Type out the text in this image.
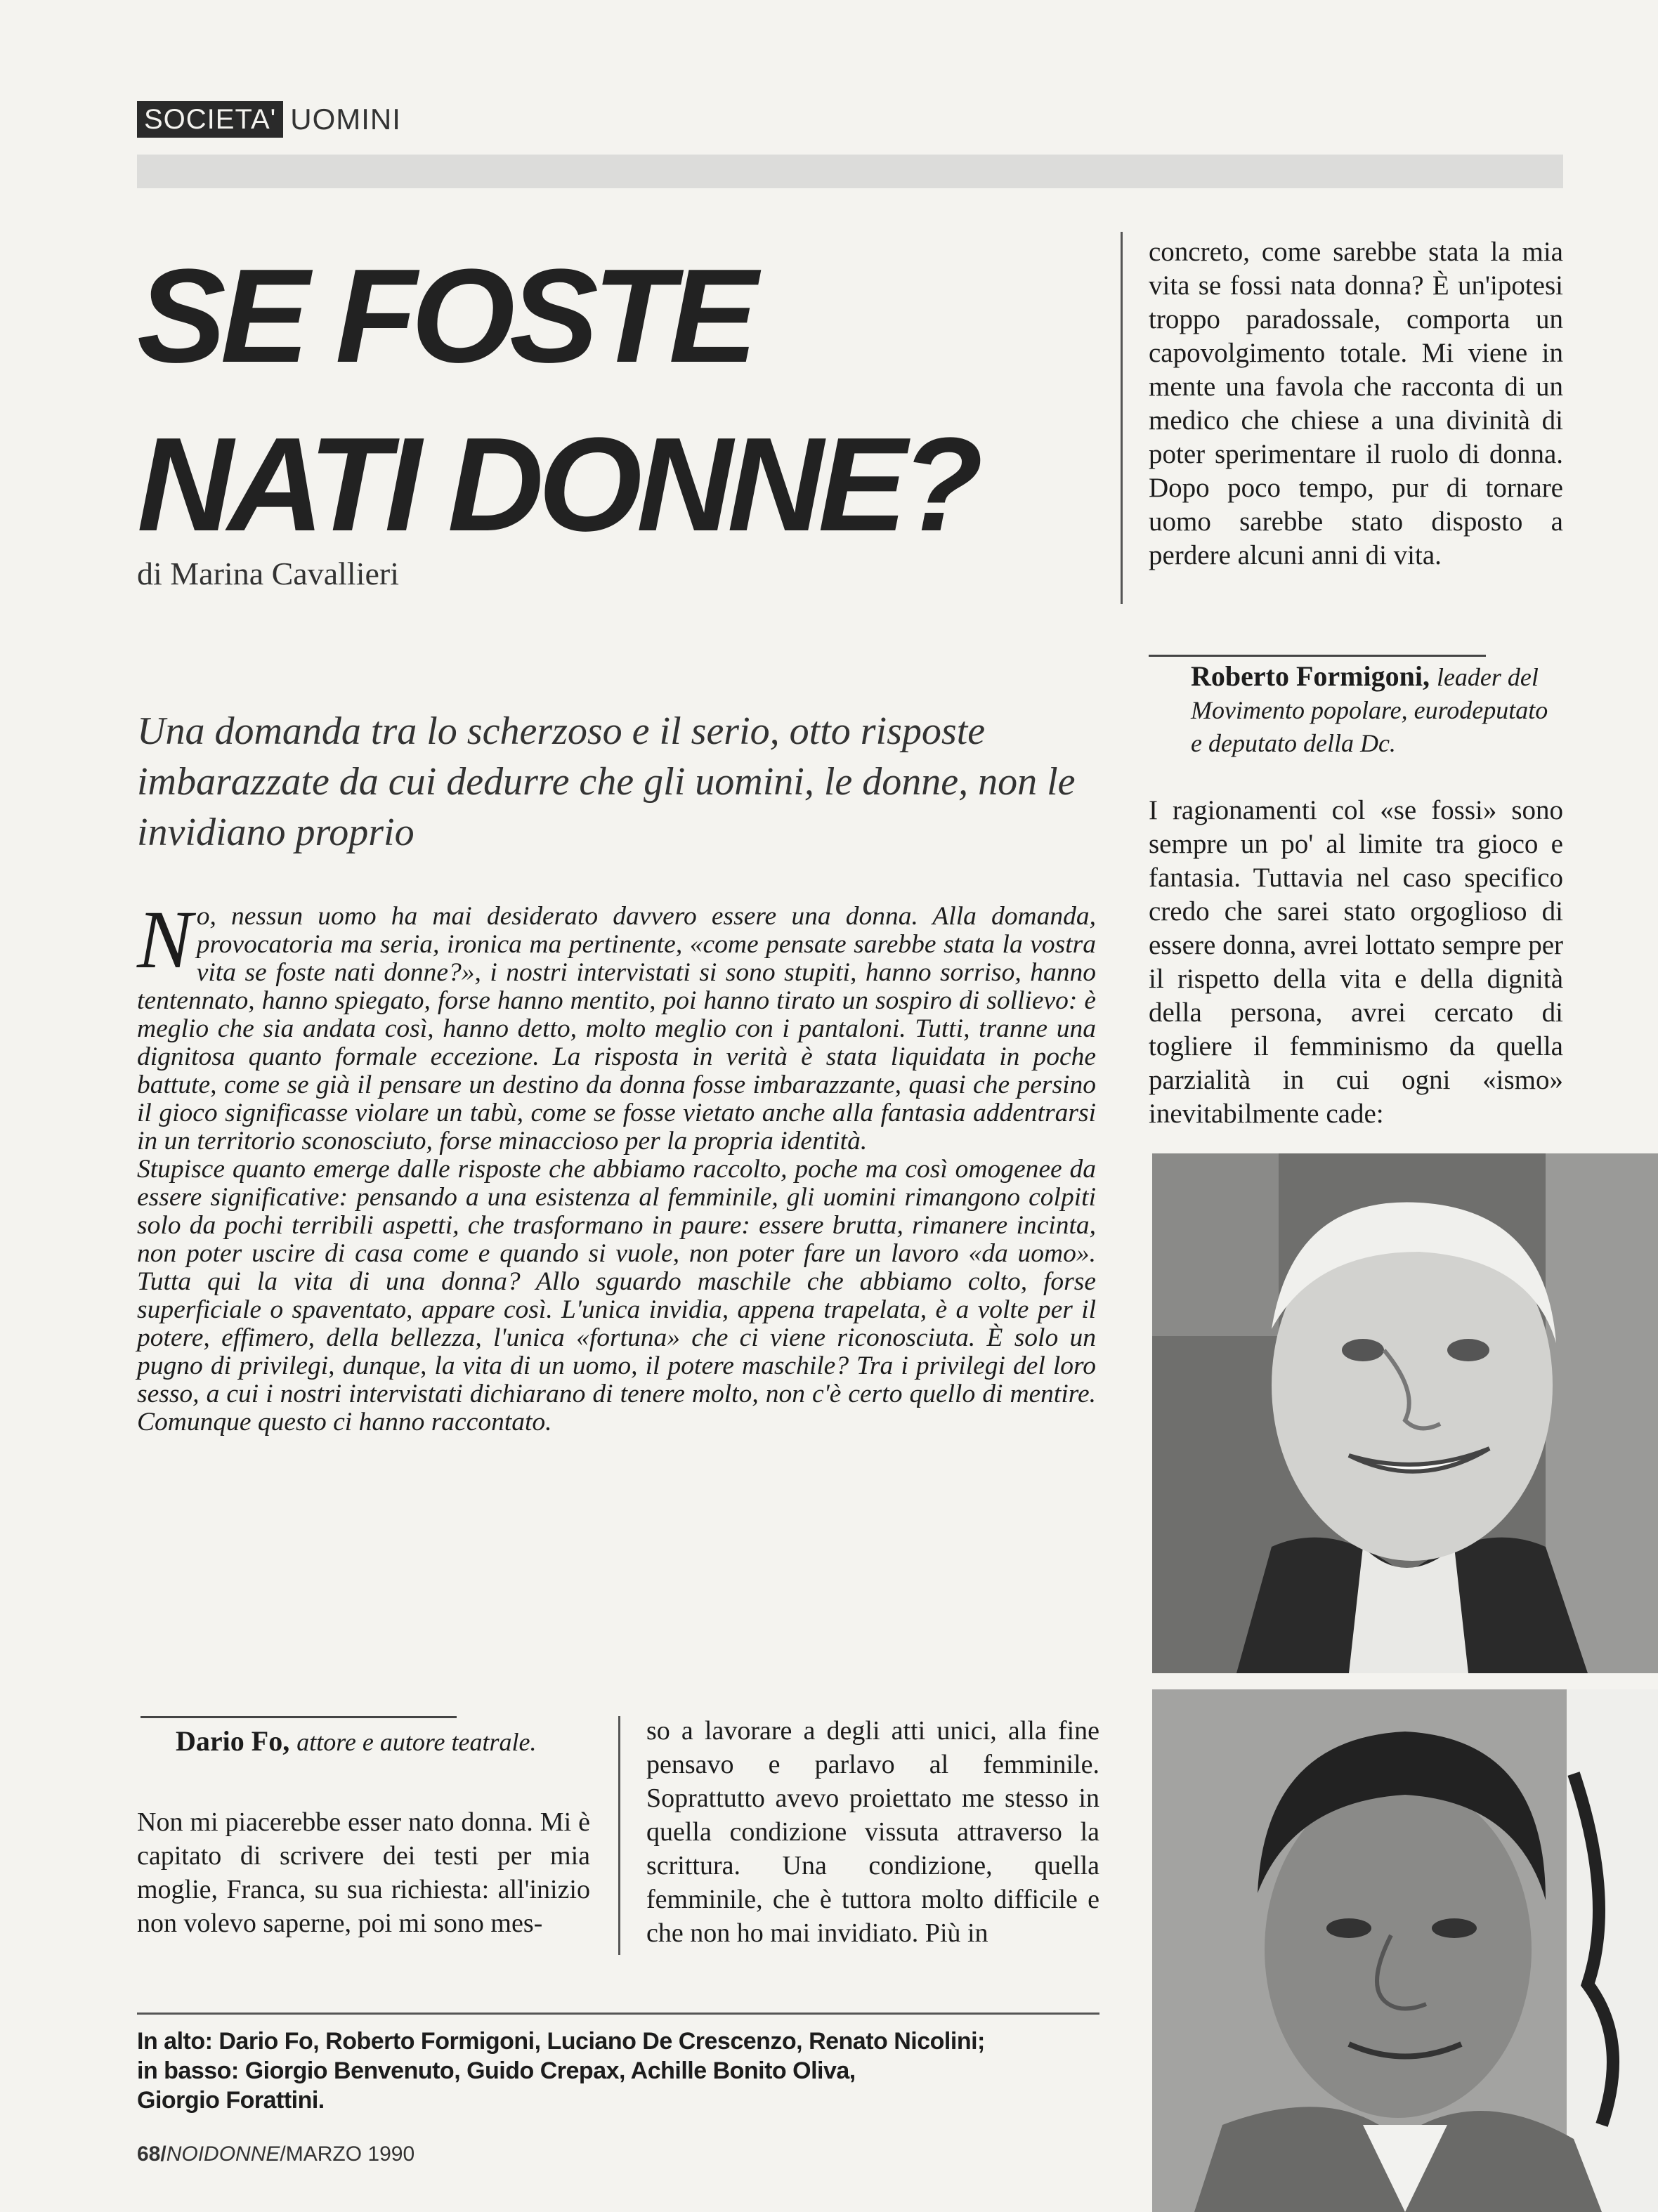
SOCIETA' UOMINI
SE FOSTE
NATI DONNE?
di Marina Cavallieri
Una domanda tra lo scherzoso e il serio, otto risposte imbarazzate da cui dedurre che gli uomini, le donne, non le invidiano proprio
N o, nessun uomo ha mai desiderato davvero essere una donna. Alla domanda, provocatoria ma seria, ironica ma pertinente, «come pensate sarebbe stata la vostra vita se foste nati donne?», i nostri intervistati si sono stupiti, hanno sorriso, hanno tentennato, hanno spiegato, forse hanno mentito, poi hanno tirato un sospiro di sollievo: è meglio che sia andata così, hanno detto, molto meglio con i pantaloni. Tutti, tranne una dignitosa quanto formale eccezione. La risposta in verità è stata liquidata in poche battute, come se già il pensare un destino da donna fosse imbarazzante, quasi che persino il gioco significasse violare un tabù, come se fosse vietato anche alla fantasia addentrarsi in un territorio sconosciuto, forse minaccioso per la propria identità.

Stupisce quanto emerge dalle risposte che abbiamo raccolto, poche ma così omogenee da essere significative: pensando a una esistenza al femminile, gli uomini rimangono colpiti solo da pochi terribili aspetti, che trasformano in paure: essere brutta, rimanere incinta, non poter uscire di casa come e quando si vuole, non poter fare un lavoro «da uomo». Tutta qui la vita di una donna? Allo sguardo maschile che abbiamo colto, forse superficiale o spaventato, appare così. L'unica invidia, appena trapelata, è a volte per il potere, effimero, della bellezza, l'unica «fortuna» che ci viene riconosciuta. È solo un pugno di privilegi, dunque, la vita di un uomo, il potere maschile? Tra i privilegi del loro sesso, a cui i nostri intervistati dichiarano di tenere molto, non c'è certo quello di mentire. Comunque questo ci hanno raccontato.

Dario Fo, attore e autore teatrale.

Non mi piacerebbe esser nato donna. Mi è capitato di scrivere dei testi per mia moglie, Franca, su sua richiesta: all'inizio non volevo saperne, poi mi sono mes-

so a lavorare a degli atti unici, alla fine pensavo e parlavo al femminile. Soprattutto avevo proiettato me stesso in quella condizione vissuta attraverso la scrittura. Una condizione, quella femminile, che è tuttora molto difficile e che non ho mai invidiato. Più in

concreto, come sarebbe stata la mia vita se fossi nata donna? È un'ipotesi troppo paradossale, comporta un capovolgimento totale. Mi viene in mente una favola che racconta di un medico che chiese a una divinità di poter sperimentare il ruolo di donna. Dopo poco tempo, pur di tornare uomo sarebbe stato disposto a perdere alcuni anni di vita.

Roberto Formigoni, leader del Movimento popolare, eurodeputato e deputato della Dc.

I ragionamenti col «se fossi» sono sempre un po' al limite tra gioco e fantasia. Tuttavia nel caso specifico credo che sarei stato orgoglioso di essere donna, avrei lottato sempre per il rispetto della vita e della dignità della persona, avrei cercato di togliere il femminismo da quella parzialità in cui ogni «ismo» inevitabilmente cade:

In alto: Dario Fo, Roberto Formigoni, Luciano De Crescenzo, Renato Nicolini;
in basso: Giorgio Benvenuto, Guido Crepax, Achille Bonito Oliva,
Giorgio Forattini.
68/NOIDONNE/MARZO 1990
